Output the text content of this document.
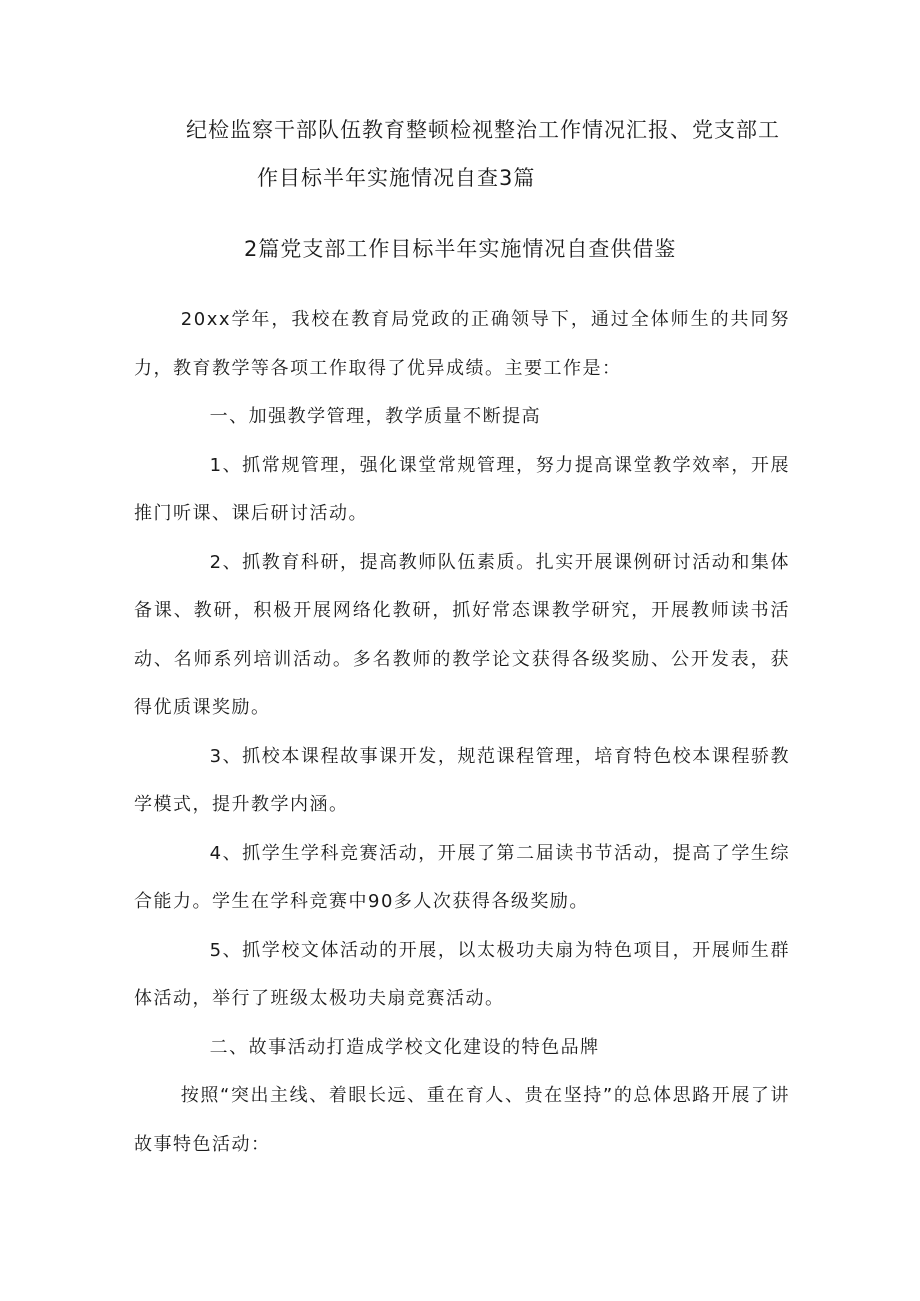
纪检监察干部队伍教育整顿检视整治工作情况汇报、党支部工
作目标半年实施情况自查3篇
2篇党支部工作目标半年实施情况自查供借鉴

20xx学年，我校在教育局党政的正确领导下，通过全体师生的共同努力，教育教学等各项工作取得了优异成绩。主要工作是：

一、加强教学管理，教学质量不断提高

1、抓常规管理，强化课堂常规管理，努力提高课堂教学效率，开展推门听课、课后研讨活动。

2、抓教育科研，提高教师队伍素质。扎实开展课例研讨活动和集体备课、教研，积极开展网络化教研，抓好常态课教学研究，开展教师读书活动、名师系列培训活动。多名教师的教学论文获得各级奖励、公开发表，获得优质课奖励。

3、抓校本课程故事课开发，规范课程管理，培育特色校本课程骄教学模式，提升教学内涵。

4、抓学生学科竞赛活动，开展了第二届读书节活动，提高了学生综合能力。学生在学科竞赛中90多人次获得各级奖励。

5、抓学校文体活动的开展，以太极功夫扇为特色项目，开展师生群体活动，举行了班级太极功夫扇竞赛活动。

二、故事活动打造成学校文化建设的特色品牌

按照“突出主线、着眼长远、重在育人、贵在坚持”的总体思路开展了讲故事特色活动：
